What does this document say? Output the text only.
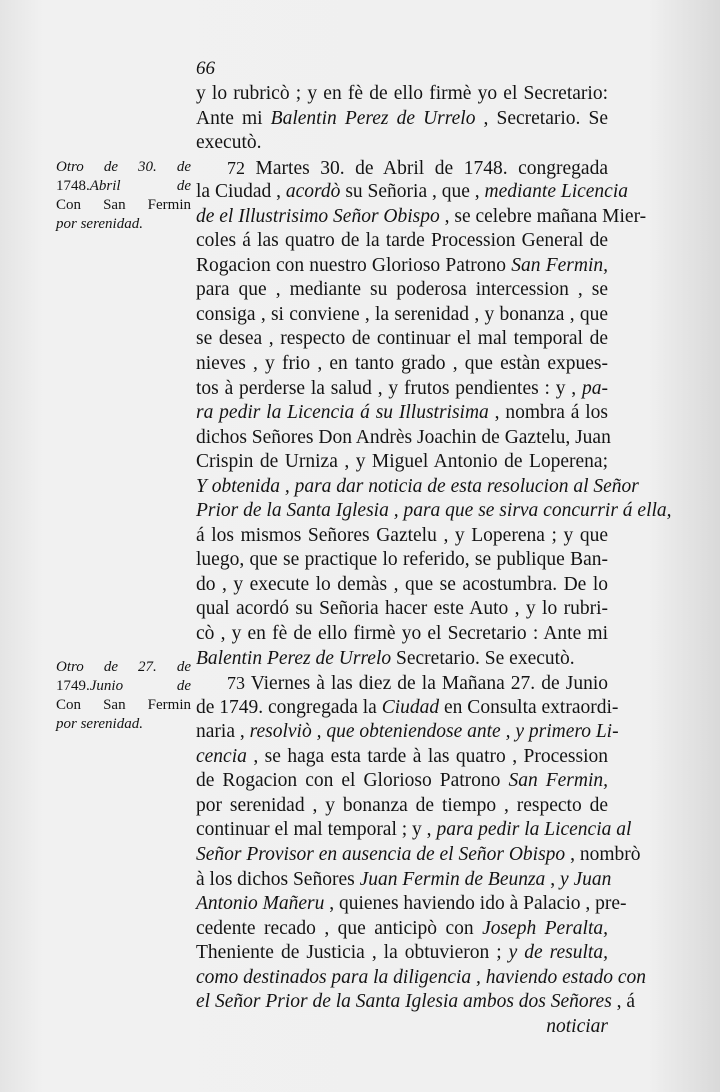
66
y lo rubricò ; y en fè de ello firmè yo el Secretario:
Ante mi Balentin Perez de Urrelo , Secretario. Se
executò.
72 Martes 30. de Abril de 1748. congregada
la Ciudad , acordò su Señoria , que , mediante Licencia
de el Illustrisimo Señor Obispo , se celebre mañana Mier-
coles á las quatro de la tarde Procession General de
Rogacion con nuestro Glorioso Patrono San Fermin,
para que , mediante su poderosa intercession , se
consiga , si conviene , la serenidad , y bonanza , que
se desea , respecto de continuar el mal temporal de
nieves , y frio , en tanto grado , que estàn expues-
tos à perderse la salud , y frutos pendientes : y , pa-
ra pedir la Licencia á su Illustrisima , nombra á los
dichos Señores Don Andrès Joachin de Gaztelu, Juan
Crispin de Urniza , y Miguel Antonio de Loperena;
Y obtenida , para dar noticia de esta resolucion al Señor
Prior de la Santa Iglesia , para que se sirva concurrir á ella,
á los mismos Señores Gaztelu , y Loperena ; y que
luego, que se practique lo referido, se publique Ban-
do , y execute lo demàs , que se acostumbra. De lo
qual acordó su Señoria hacer este Auto , y lo rubri-
cò , y en fè de ello firmè yo el Secretario : Ante mi
Balentin Perez de Urrelo Secretario. Se executò.
73 Viernes à las diez de la Mañana 27. de Junio
de 1749. congregada la Ciudad en Consulta extraordi-
naria , resolviò , que obteniendose ante , y primero Li-
cencia , se haga esta tarde à las quatro , Procession
de Rogacion con el Glorioso Patrono San Fermin,
por serenidad , y bonanza de tiempo , respecto de
continuar el mal temporal ; y , para pedir la Licencia al
Señor Provisor en ausencia de el Señor Obispo , nombrò
à los dichos Señores Juan Fermin de Beunza , y Juan
Antonio Mañeru , quienes haviendo ido à Palacio , pre-
cedente recado , que anticipò con Joseph Peralta,
Theniente de Justicia , la obtuvieron ; y de resulta,
como destinados para la diligencia , haviendo estado con
el Señor Prior de la Santa Iglesia ambos dos Señores , á
noticiar
Otro de 30. de
1748.Abril de
Con San Fermin
por serenidad.
Otro de 27. de
1749.Junio de
Con San Fermin
por serenidad.
